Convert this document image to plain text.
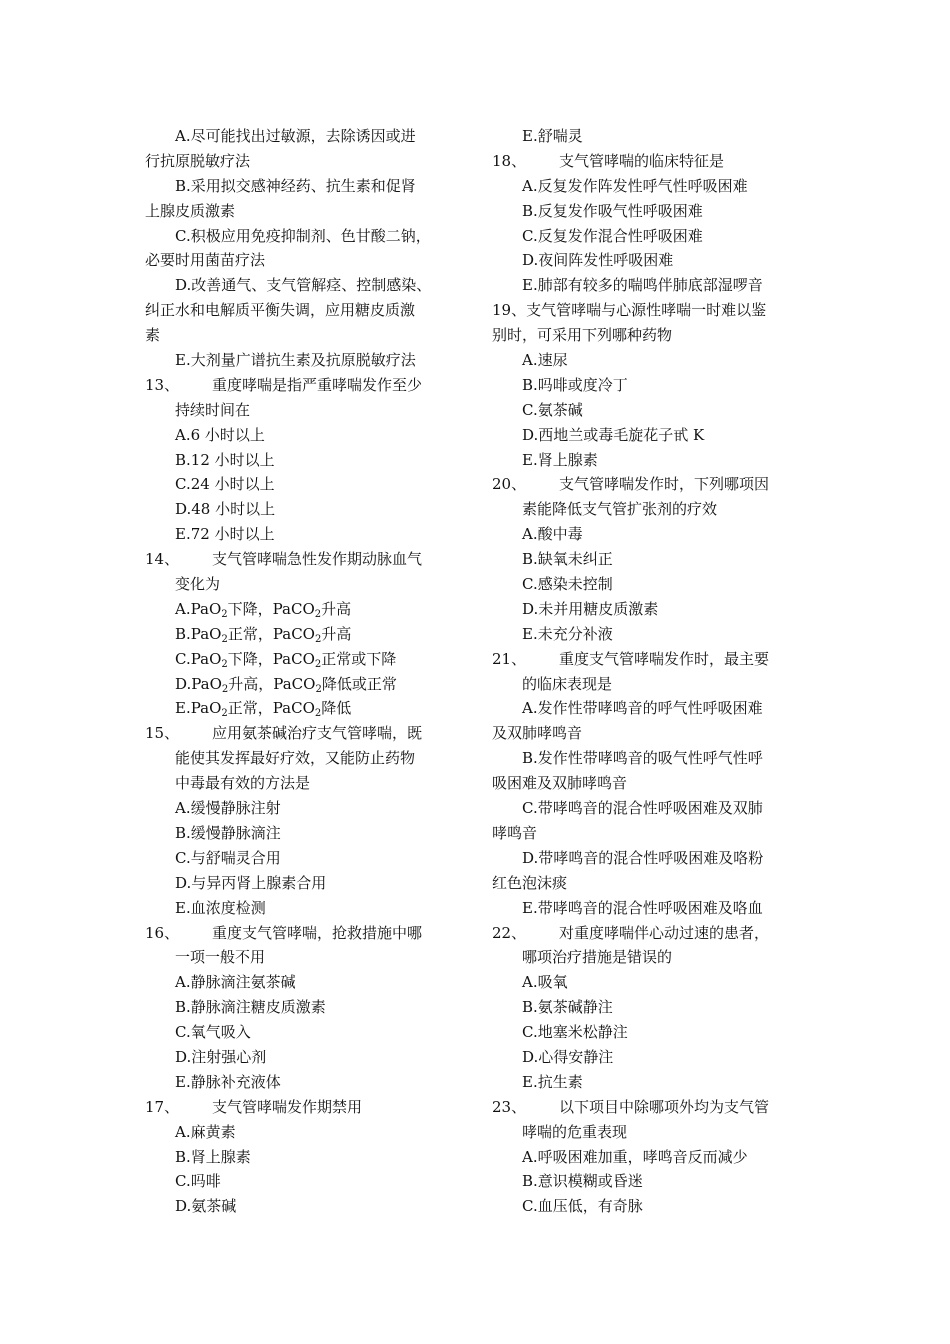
A.尽可能找出过敏源，去除诱因或进
行抗原脱敏疗法
B.采用拟交感神经药、抗生素和促肾
上腺皮质激素
C.积极应用免疫抑制剂、色甘酸二钠，
必要时用菌苗疗法
D.改善通气、支气管解痉、控制感染、
纠正水和电解质平衡失调，应用糖皮质激
素
E.大剂量广谱抗生素及抗原脱敏疗法
13、 重度哮喘是指严重哮喘发作至少
持续时间在
A.6 小时以上
B.12 小时以上
C.24 小时以上
D.48 小时以上
E.72 小时以上
14、 支气管哮喘急性发作期动脉血气
变化为
A.PaO$_2$下降，PaCO$_2$升高
B.PaO$_2$正常，PaCO$_2$升高
C.PaO$_2$下降，PaCO$_2$正常或下降
D.PaO$_2$升高，PaCO$_2$降低或正常
E.PaO$_2$正常，PaCO$_2$降低
15、 应用氨茶碱治疗支气管哮喘，既
能使其发挥最好疗效，又能防止药物
中毒最有效的方法是
A.缓慢静脉注射
B.缓慢静脉滴注
C.与舒喘灵合用
D.与异丙肾上腺素合用
E.血浓度检测
16、 重度支气管哮喘，抢救措施中哪
一项一般不用
A.静脉滴注氨茶碱
B.静脉滴注糖皮质激素
C.氧气吸入
D.注射强心剂
E.静脉补充液体
17、 支气管哮喘发作期禁用
A.麻黄素
B.肾上腺素
C.吗啡
D.氨茶碱
E.舒喘灵
18、 支气管哮喘的临床特征是
A.反复发作阵发性呼气性呼吸困难
B.反复发作吸气性呼吸困难
C.反复发作混合性呼吸困难
D.夜间阵发性呼吸困难
E.肺部有较多的喘鸣伴肺底部湿啰音
19、支气管哮喘与心源性哮喘一时难以鉴
别时，可采用下列哪种药物
A.速尿
B.吗啡或度冷丁
C.氨茶碱
D.西地兰或毒毛旋花子甙 K
E.肾上腺素
20、 支气管哮喘发作时，下列哪项因
素能降低支气管扩张剂的疗效
A.酸中毒
B.缺氧未纠正
C.感染未控制
D.未并用糖皮质激素
E.未充分补液
21、 重度支气管哮喘发作时，最主要
的临床表现是
A.发作性带哮鸣音的呼气性呼吸困难
及双肺哮鸣音
B.发作性带哮鸣音的吸气性呼气性呼
吸困难及双肺哮鸣音
C.带哮鸣音的混合性呼吸困难及双肺
哮鸣音
D.带哮鸣音的混合性呼吸困难及咯粉
红色泡沫痰
E.带哮鸣音的混合性呼吸困难及咯血
22、 对重度哮喘伴心动过速的患者，
哪项治疗措施是错误的
A.吸氧
B.氨茶碱静注
C.地塞米松静注
D.心得安静注
E.抗生素
23、 以下项目中除哪项外均为支气管
哮喘的危重表现
A.呼吸困难加重，哮鸣音反而减少
B.意识模糊或昏迷
C.血压低，有奇脉
